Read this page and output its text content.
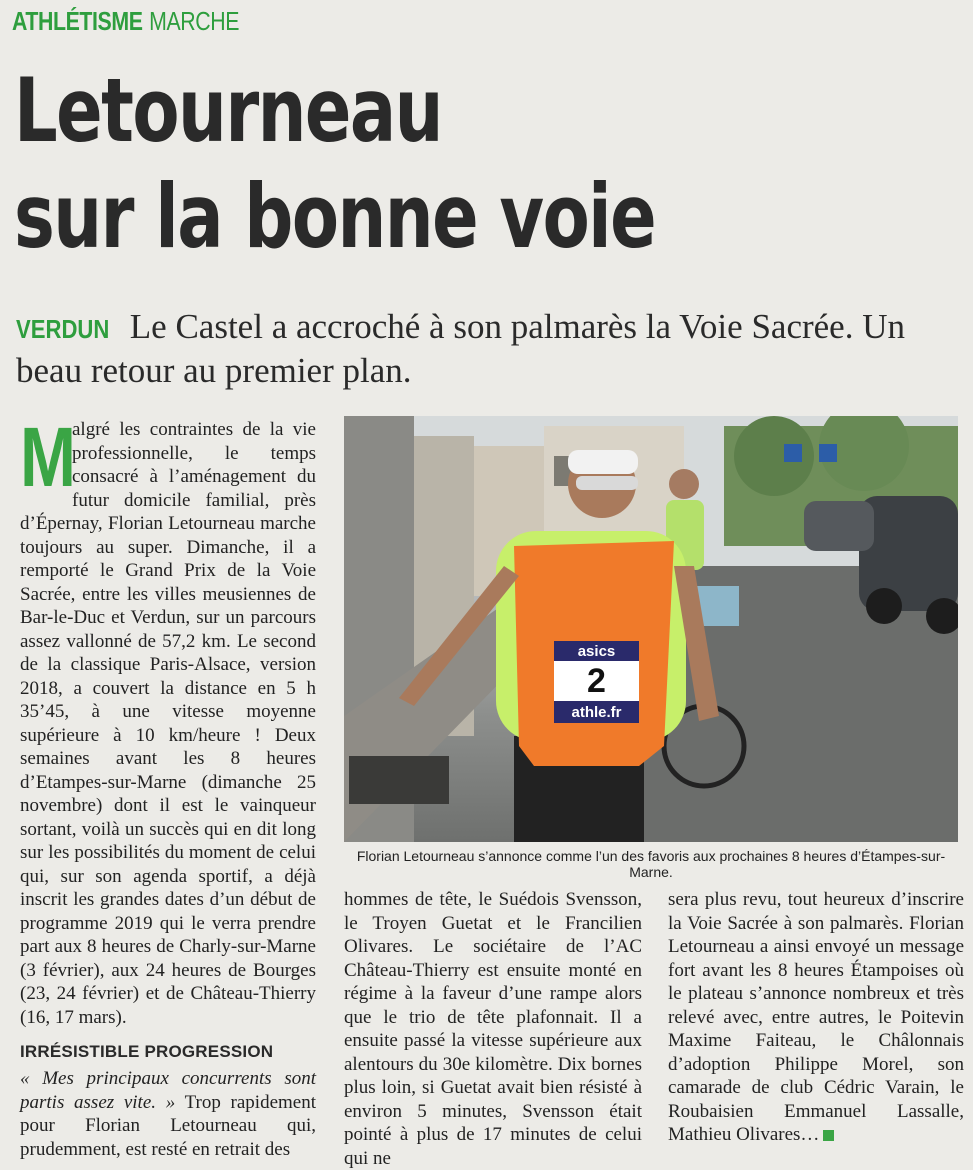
ATHLÉTISME MARCHE
Letourneau
sur la bonne voie
VERDUN Le Castel a accroché à son palmarès la Voie Sacrée. Un beau retour au premier plan.
M
algré les contraintes de la vie professionnelle, le temps consacré à l’aménagement du futur domicile familial, près d’Épernay, Florian Letourneau marche toujours au super. Dimanche, il a remporté le Grand Prix de la Voie Sacrée, entre les villes meusiennes de Bar-le-Duc et Verdun, sur un parcours assez vallonné de 57,2 km. Le second de la classique Paris-Alsace, version 2018, a couvert la distance en 5 h 35’45, à une vitesse moyenne supérieure à 10 km/heure ! Deux semaines avant les 8 heures d’Etampes-sur-Marne (dimanche 25 novembre) dont il est le vainqueur sortant, voilà un succès qui en dit long sur les possibilités du moment de celui qui, sur son agenda sportif, a déjà inscrit les grandes dates d’un début de programme 2019 qui le verra prendre part aux 8 heures de Charly-sur-Marne (3 février), aux 24 heures de Bourges (23, 24 février) et de Château-Thierry (16, 17 mars).
IRRÉSISTIBLE PROGRESSION
« Mes principaux concurrents sont partis assez vite. » Trop rapidement pour Florian Letourneau qui, prudemment, est resté en retrait des
asics
2
athle.fr
Florian Letourneau s’annonce comme l’un des favoris aux prochaines 8 heures d’Étampes-sur-Marne.
hommes de tête, le Suédois Svensson, le Troyen Guetat et le Francilien Olivares. Le sociétaire de l’AC Château-Thierry est ensuite monté en régime à la faveur d’une rampe alors que le trio de tête plafonnait. Il a ensuite passé la vitesse supérieure aux alentours du 30e kilomètre. Dix bornes plus loin, si Guetat avait bien résisté à environ 5 minutes, Svensson était pointé à plus de 17 minutes de celui qui ne
sera plus revu, tout heureux d’inscrire la Voie Sacrée à son palmarès. Florian Letourneau a ainsi envoyé un message fort avant les 8 heures Étampoises où le plateau s’annonce nombreux et très relevé avec, entre autres, le Poitevin Maxime Faiteau, le Châlonnais d’adoption Philippe Morel, son camarade de club Cédric Varain, le Roubaisien Emmanuel Lassalle, Mathieu Olivares…
